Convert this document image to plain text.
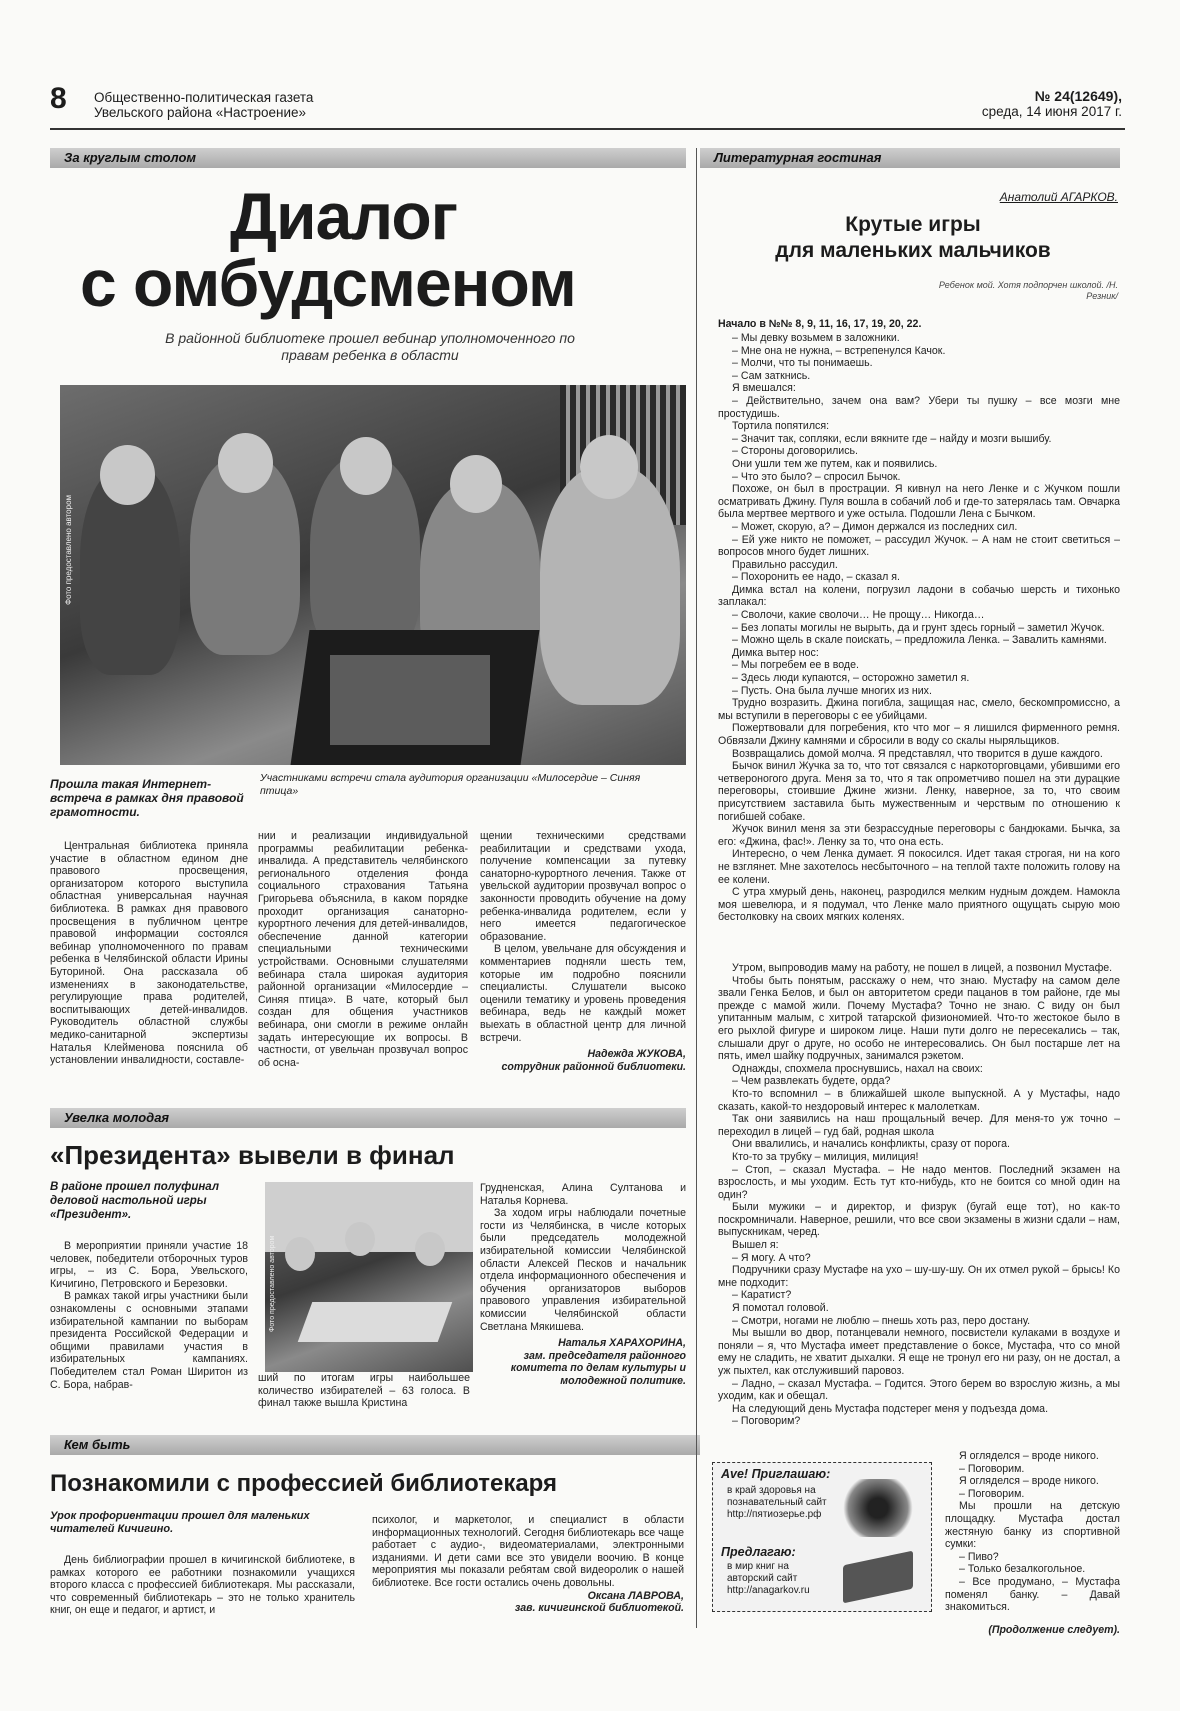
8 Общественно-политическая газета
Увельского района «Настроение»
№ 24(12649),
среда, 14 июня 2017 г.
За круглым столом	Литературная гостиная
Диалог
с омбудсменом
В районной библиотеке прошел вебинар уполномоченного по правам ребенка в области
Фото предоставлено автором
Участниками встречи стала аудитория организации «Милосердие – Синяя птица»
Прошла такая Интернет-встреча в рамках дня правовой грамотности.

Центральная библиотека приняла участие в областном едином дне правового просвещения, организатором которого выступила областная универсальная научная библиотека. В рамках дня правового просвещения в публичном центре правовой информации состоялся вебинар уполномоченного по правам ребенка в Челябинской области Ирины Буториной. Она рассказала об изменениях в законодательстве, регулирующие права родителей, воспитывающих детей-инвалидов. Руководитель областной службы медико-санитарной экспертизы Наталья Клейменова пояснила об установлении инвалидности, составле-

нии и реализации индивидуальной программы реабилитации ребенка-инвалида. А представитель челябинского регионального отделения фонда социального страхования Татьяна Григорьева объяснила, в каком порядке проходит организация санаторно-курортного лечения для детей-инвалидов, обеспечение данной категории специальными техническими устройствами. Основными слушателями вебинара стала широкая аудитория районной организации «Милосердие – Синяя птица». В чате, который был создан для общения участников вебинара, они смогли в режиме онлайн задать интересующие их вопросы. В частности, от увельчан прозвучал вопрос об осна-

щении техническими средствами реабилитации и средствами ухода, получение компенсации за путевку санаторно-курортного лечения. Также от увельской аудитории прозвучал вопрос о законности проводить обучение на дому ребенка-инвалида родителем, если у него имеется педагогическое образование.

В целом, увельчане для обсуждения и комментариев подняли шесть тем, которые им подробно пояснили специалисты. Слушатели высоко оценили тематику и уровень проведения вебинара, ведь не каждый может выехать в областной центр для личной встречи.

Надежда ЖУКОВА,
сотрудник районной библиотеки.
Увелка молодая
«Президента» вывели в финал
В районе прошел полуфинал деловой настольной игры «Президент».

В мероприятии приняли участие 18 человек, победители отборочных туров игры, – из С. Бора, Увельского, Кичигино, Петровского и Березовки.

В рамках такой игры участники были ознакомлены с основными этапами избирательной кампании по выборам президента Российской Федерации и общими правилами участия в избирательных кампаниях. Победителем стал Роман Ширитон из С. Бора, набрав-

Фото предоставлено автором

ший по итогам игры наибольшее количество избирателей – 63 голоса. В финал также вышла Кристина

Грудненская, Алина Султанова и Наталья Корнева.

За ходом игры наблюдали почетные гости из Челябинска, в числе которых были председатель молодежной избирательной комиссии Челябинской области Алексей Песков и начальник отдела информационного обеспечения и обучения организаторов выборов правового управления избирательной комиссии Челябинской области Светлана Мякишева.

Наталья ХАРАХОРИНА,
зам. председателя районного комитета по делам культуры и молодежной политике.
Кем быть
Познакомили с профессией библиотекаря
Урок профориентации прошел для маленьких читателей Кичигино.

День библиографии прошел в кичигинской библиотеке, в рамках которого ее работники познакомили учащихся второго класса с профессией библиотекаря. Мы рассказали, что современный библиотекарь – это не только хранитель книг, он еще и педагог, и артист, и

психолог, и маркетолог, и специалист в области информационных технологий. Сегодня библиотекарь все чаще работает с аудио-, видеоматериалами, электронными изданиями. И дети сами все это увидели воочию. В конце мероприятия мы показали ребятам свой видеоролик о нашей библиотеке. Все гости остались очень довольны.

Оксана ЛАВРОВА,
зав. кичигинской библиотекой.
Анатолий АГАРКОВ.
Крутые игры
для маленьких мальчиков
Ребенок мой. Хотя подпорчен школой. /Н. Резник/
Начало в №№ 8, 9, 11, 16, 17, 19, 20, 22.

– Мы девку возьмем в заложники.

– Мне она не нужна, – встрепенулся Качок.

– Молчи, что ты понимаешь.

– Сам заткнись.

Я вмешался:

– Действительно, зачем она вам? Убери ты пушку – все мозги мне простудишь.

Тортила попятился:

– Значит так, сопляки, если вякните где – найду и мозги вышибу.

– Стороны договорились.

Они ушли тем же путем, как и появились.

– Что это было? – спросил Бычок.

Похоже, он был в прострации. Я кивнул на него Ленке и с Жучком пошли осматривать Джину. Пуля вошла в собачий лоб и где-то затерялась там. Овчарка была мертвее мертвого и уже остыла. Подошли Лена с Бычком.

– Может, скорую, а? – Димон держался из последних сил.

– Ей уже никто не поможет, – рассудил Жучок. – А нам не стоит светиться – вопросов много будет лишних.

Правильно рассудил.

– Похоронить ее надо, – сказал я.

Димка встал на колени, погрузил ладони в собачью шерсть и тихонько заплакал:

– Сволочи, какие сволочи… Не прощу… Никогда…

– Без лопаты могилы не вырыть, да и грунт здесь горный – заметил Жучок.

– Можно щель в скале поискать, – предложила Ленка. – Завалить камнями.

Димка вытер нос:

– Мы погребем ее в воде.

– Здесь люди купаются, – осторожно заметил я.

– Пусть. Она была лучше многих из них.

Трудно возразить. Джина погибла, защищая нас, смело, бескомпромиссно, а мы вступили в переговоры с ее убийцами.

Пожертвовали для погребения, кто что мог – я лишился фирменного ремня. Обвязали Джину камнями и сбросили в воду со скалы ныряльщиков.

Возвращались домой молча. Я представлял, что творится в душе каждого.

Бычок винил Жучка за то, что тот связался с наркоторговцами, убившими его четвероногого друга. Меня за то, что я так опрометчиво пошел на эти дурацкие переговоры, стоившие Джине жизни. Ленку, наверное, за то, что своим присутствием заставила быть мужественным и черствым по отношению к погибшей собаке.

Жучок винил меня за эти безрассудные переговоры с бандюками. Бычка, за его: «Джина, фас!». Ленку за то, что она есть.

Интересно, о чем Ленка думает. Я покосился. Идет такая строгая, ни на кого не взглянет. Мне захотелось несбыточного – на теплой тахте положить голову на ее колени.

С утра хмурый день, наконец, разродился мелким нудным дождем. Намокла моя шевелюра, и я подумал, что Ленке мало приятного ощущать сырую мою бестолковку на своих мягких коленях.

Утром, выпроводив маму на работу, не пошел в лицей, а позвонил Мустафе.

Чтобы быть понятым, расскажу о нем, что знаю. Мустафу на самом деле звали Генка Белов, и был он авторитетом среди пацанов в том районе, где мы прежде с мамой жили. Почему Мустафа? Точно не знаю. С виду он был упитанным малым, с хитрой татарской физиономией. Что-то жестокое было в его рыхлой фигуре и широком лице. Наши пути долго не пересекались – так, слышали друг о друге, но особо не интересовались. Он был постарше лет на пять, имел шайку подручных, занимался рэкетом.

Однажды, спохмела проснувшись, нахал на своих:

– Чем развлекать будете, орда?

Кто-то вспомнил – в ближайшей школе выпускной. А у Мустафы, надо сказать, какой-то нездоровый интерес к малолеткам.

Так они заявились на наш прощальный вечер. Для меня-то уж точно – переходил в лицей – гуд бай, родная школа

Они ввалились, и начались конфликты, сразу от порога.

Кто-то за трубку – милиция, милиция!

– Стоп, – сказал Мустафа. – Не надо ментов. Последний экзамен на взрослость, и мы уходим. Есть тут кто-нибудь, кто не боится со мной один на один?

Были мужики – и директор, и физрук (бугай еще тот), но как-то поскромничали. Наверное, решили, что все свои экзамены в жизни сдали – нам, выпускникам, черед.

Вышел я:

– Я могу. А что?

Подручники сразу Мустафе на ухо – шу-шу-шу. Он их отмел рукой – брысь! Ко мне подходит:

– Каратист?

Я помотал головой.

– Смотри, ногами не люблю – пнешь хоть раз, перо достану.

Мы вышли во двор, потанцевали немного, посвистели кулаками в воздухе и поняли – я, что Мустафа имеет представление о боксе, Мустафа, что со мной ему не сладить, не хватит дыхалки. Я еще не тронул его ни разу, он не достал, а уж пыхтел, как отслуживший паровоз.

– Ладно, – сказал Мустафа. – Годится. Этого берем во взрослую жизнь, а мы уходим, как и обещал.

На следующий день Мустафа подстерег меня у подъезда дома.

– Поговорим?

Ave! Приглашаю:
в край здоровья на познавательный сайт http://пятиозерье.рф
Предлагаю:
в мир книг на авторский сайт http://anagarkov.ru

Я огляделся – вроде никого.

– Поговорим.

Я огляделся – вроде никого.

– Поговорим.

Мы прошли на детскую площадку. Мустафа достал жестяную банку из спортивной сумки:

– Пиво?

– Только безалкогольное.

– Все продумано, – Мустафа поменял банку. – Давай знакомиться.

(Продолжение следует).
